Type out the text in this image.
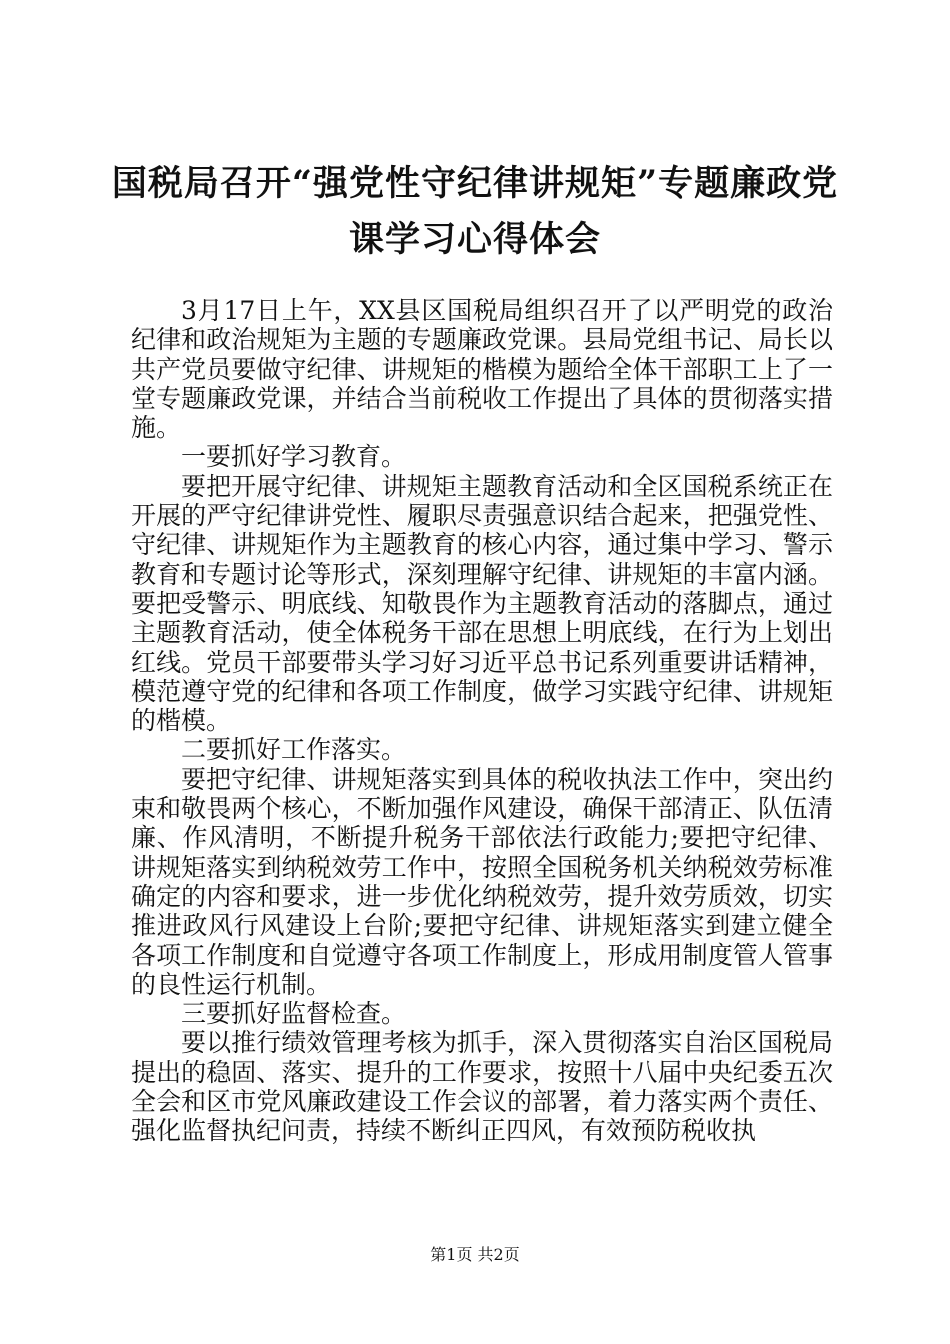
国税局召开“强党性守纪律讲规矩”专题廉政党课学习心得体会

3月17日上午，XX县区国税局组织召开了以严明党的政治纪律和政治规矩为主题的专题廉政党课。县局党组书记、局长以共产党员要做守纪律、讲规矩的楷模为题给全体干部职工上了一堂专题廉政党课，并结合当前税收工作提出了具体的贯彻落实措施。

一要抓好学习教育。

要把开展守纪律、讲规矩主题教育活动和全区国税系统正在开展的严守纪律讲党性、履职尽责强意识结合起来，把强党性、守纪律、讲规矩作为主题教育的核心内容，通过集中学习、警示教育和专题讨论等形式，深刻理解守纪律、讲规矩的丰富内涵。要把受警示、明底线、知敬畏作为主题教育活动的落脚点，通过主题教育活动，使全体税务干部在思想上明底线，在行为上划出红线。党员干部要带头学习好习近平总书记系列重要讲话精神，模范遵守党的纪律和各项工作制度，做学习实践守纪律、讲规矩的楷模。

二要抓好工作落实。

要把守纪律、讲规矩落实到具体的税收执法工作中，突出约束和敬畏两个核心，不断加强作风建设，确保干部清正、队伍清廉、作风清明，不断提升税务干部依法行政能力;要把守纪律、讲规矩落实到纳税效劳工作中，按照全国税务机关纳税效劳标准确定的内容和要求，进一步优化纳税效劳，提升效劳质效，切实推进政风行风建设上台阶;要把守纪律、讲规矩落实到建立健全各项工作制度和自觉遵守各项工作制度上，形成用制度管人管事的良性运行机制。

三要抓好监督检查。

要以推行绩效管理考核为抓手，深入贯彻落实自治区国税局提出的稳固、落实、提升的工作要求，按照十八届中央纪委五次全会和区市党风廉政建设工作会议的部署，着力落实两个责任、强化监督执纪问责，持续不断纠正四风，有效预防税收执

第1页 共2页
